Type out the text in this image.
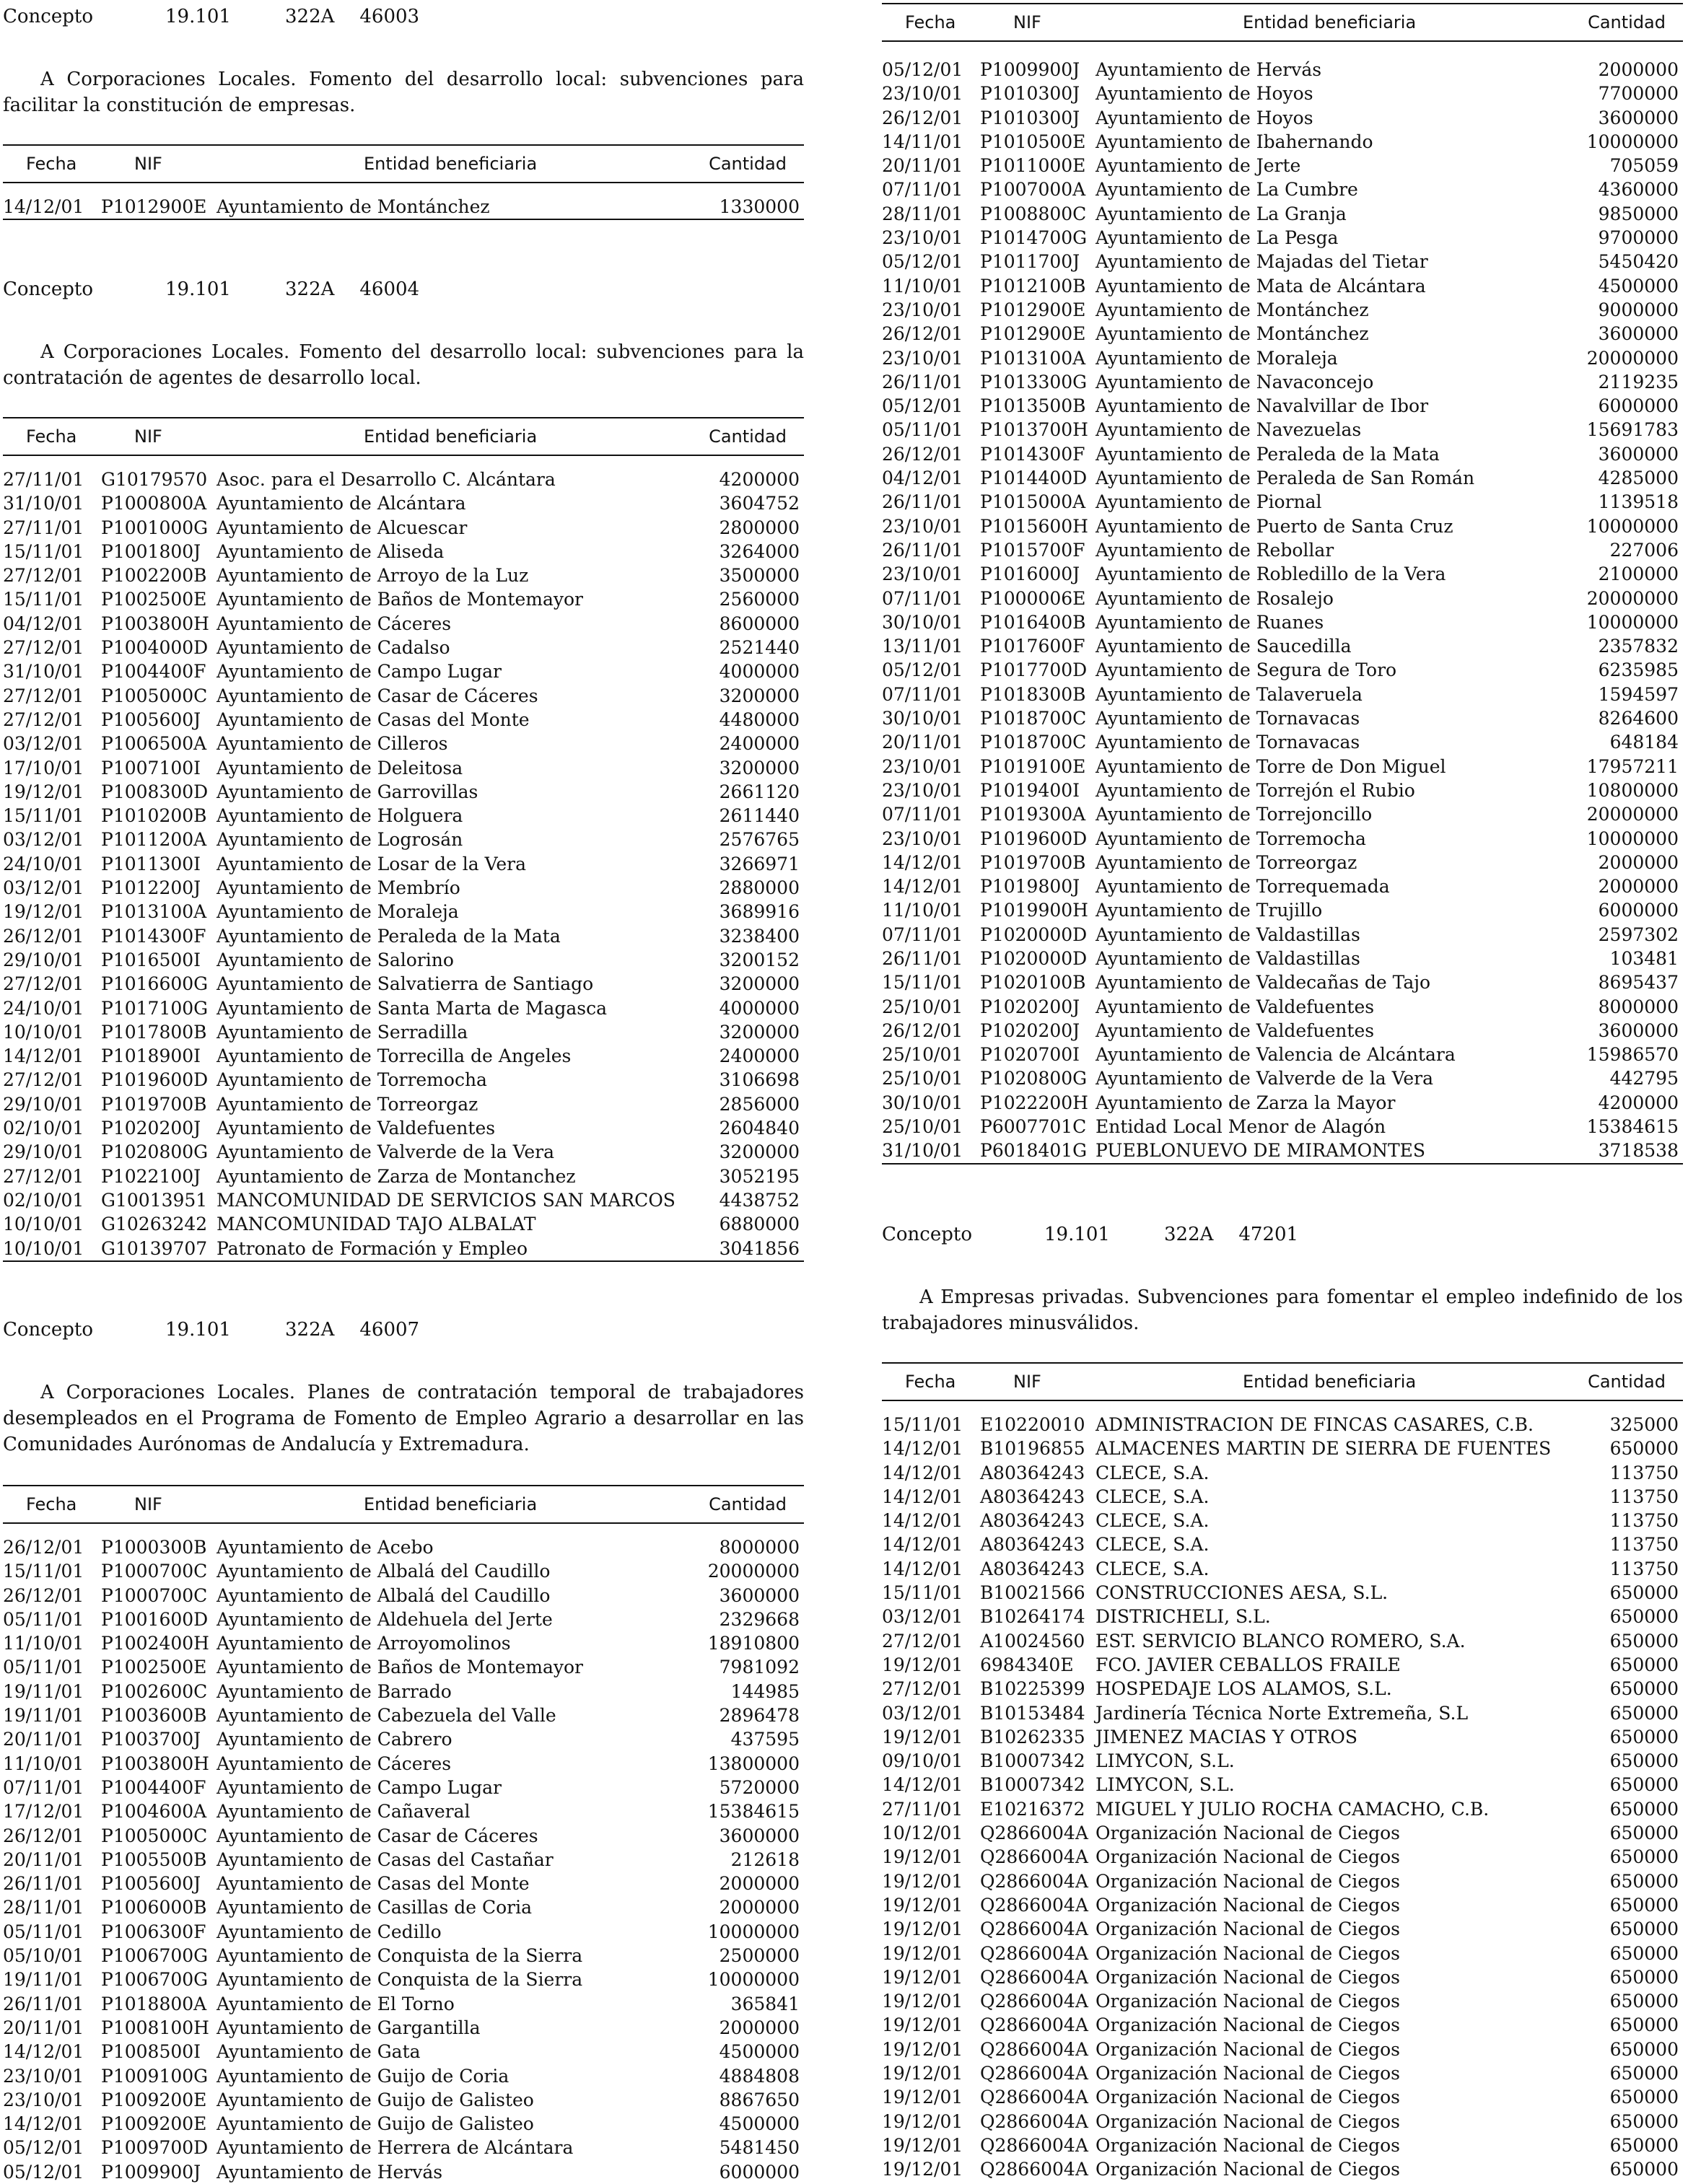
Concepto	19.101	322A 46003
A Corporaciones Locales. Fomento del desarrollo local: subvenciones para facilitar la constitución de empresas.
Fecha	NIF	Entidad beneficiaria	Cantidad
14/12/01 P1012900E Ayuntamiento de Montánchez	1330000
Concepto	19.101	322A 46004
A Corporaciones Locales. Fomento del desarrollo local: subvenciones para la contratación de agentes de desarrollo local.
Fecha	NIF	Entidad beneficiaria	Cantidad
27/11/01 G10179570 Asoc. para el Desarrollo C. Alcántara	4200000
31/10/01 P1000800A Ayuntamiento de Alcántara	3604752
27/11/01 P1001000G Ayuntamiento de Alcuescar	2800000
15/11/01 P1001800J Ayuntamiento de Aliseda	3264000
27/12/01 P1002200B Ayuntamiento de Arroyo de la Luz	3500000
15/11/01 P1002500E Ayuntamiento de Baños de Montemayor	2560000
04/12/01 P1003800H Ayuntamiento de Cáceres	8600000
27/12/01 P1004000D Ayuntamiento de Cadalso	2521440
31/10/01 P1004400F Ayuntamiento de Campo Lugar	4000000
27/12/01 P1005000C Ayuntamiento de Casar de Cáceres	3200000
27/12/01 P1005600J Ayuntamiento de Casas del Monte	4480000
03/12/01 P1006500A Ayuntamiento de Cilleros	2400000
17/10/01 P1007100I Ayuntamiento de Deleitosa	3200000
19/12/01 P1008300D Ayuntamiento de Garrovillas	2661120
15/11/01 P1010200B Ayuntamiento de Holguera	2611440
03/12/01 P1011200A Ayuntamiento de Logrosán	2576765
24/10/01 P1011300I Ayuntamiento de Losar de la Vera	3266971
03/12/01 P1012200J Ayuntamiento de Membrío	2880000
19/12/01 P1013100A Ayuntamiento de Moraleja	3689916
26/12/01 P1014300F Ayuntamiento de Peraleda de la Mata	3238400
29/10/01 P1016500I Ayuntamiento de Salorino	3200152
27/12/01 P1016600G Ayuntamiento de Salvatierra de Santiago	3200000
24/10/01 P1017100G Ayuntamiento de Santa Marta de Magasca	4000000
10/10/01 P1017800B Ayuntamiento de Serradilla	3200000
14/12/01 P1018900I Ayuntamiento de Torrecilla de Angeles	2400000
27/12/01 P1019600D Ayuntamiento de Torremocha	3106698
29/10/01 P1019700B Ayuntamiento de Torreorgaz	2856000
02/10/01 P1020200J Ayuntamiento de Valdefuentes	2604840
29/10/01 P1020800G Ayuntamiento de Valverde de la Vera	3200000
27/12/01 P1022100J Ayuntamiento de Zarza de Montanchez	3052195
02/10/01 G10013951 MANCOMUNIDAD DE SERVICIOS SAN MARCOS 4438752
10/10/01 G10263242 MANCOMUNIDAD TAJO ALBALAT	6880000
10/10/01 G10139707 Patronato de Formación y Empleo	3041856
Concepto	19.101	322A 46007
A Corporaciones Locales. Planes de contratación temporal de trabajadores desempleados en el Programa de Fomento de Empleo Agrario a desarrollar en las Comunidades Aurónomas de Andalucía y Extremadura.
Fecha	NIF	Entidad beneficiaria	Cantidad
26/12/01 P1000300B Ayuntamiento de Acebo	8000000
15/11/01 P1000700C Ayuntamiento de Albalá del Caudillo	20000000
26/12/01 P1000700C Ayuntamiento de Albalá del Caudillo	3600000
05/11/01 P1001600D Ayuntamiento de Aldehuela del Jerte	2329668
11/10/01 P1002400H Ayuntamiento de Arroyomolinos	18910800
05/11/01 P1002500E Ayuntamiento de Baños de Montemayor	7981092
19/11/01 P1002600C Ayuntamiento de Barrado	144985
19/11/01 P1003600B Ayuntamiento de Cabezuela del Valle	2896478
20/11/01 P1003700J Ayuntamiento de Cabrero	437595
11/10/01 P1003800H Ayuntamiento de Cáceres	13800000
07/11/01 P1004400F Ayuntamiento de Campo Lugar	5720000
17/12/01 P1004600A Ayuntamiento de Cañaveral	15384615
26/12/01 P1005000C Ayuntamiento de Casar de Cáceres	3600000
20/11/01 P1005500B Ayuntamiento de Casas del Castañar	212618
26/11/01 P1005600J Ayuntamiento de Casas del Monte	2000000
28/11/01 P1006000B Ayuntamiento de Casillas de Coria	2000000
05/11/01 P1006300F Ayuntamiento de Cedillo	10000000
05/10/01 P1006700G Ayuntamiento de Conquista de la Sierra	2500000
19/11/01 P1006700G Ayuntamiento de Conquista de la Sierra	10000000
26/11/01 P1018800A Ayuntamiento de El Torno	365841
20/11/01 P1008100H Ayuntamiento de Gargantilla	2000000
14/12/01 P1008500I Ayuntamiento de Gata	4500000
23/10/01 P1009100G Ayuntamiento de Guijo de Coria	4884808
23/10/01 P1009200E Ayuntamiento de Guijo de Galisteo	8867650
14/12/01 P1009200E Ayuntamiento de Guijo de Galisteo	4500000
05/12/01 P1009700D Ayuntamiento de Herrera de Alcántara	5481450
05/12/01 P1009900J Ayuntamiento de Hervás	6000000
Fecha	NIF	Entidad beneficiaria	Cantidad
05/12/01 P1009900J Ayuntamiento de Hervás	2000000
23/10/01 P1010300J Ayuntamiento de Hoyos	7700000
26/12/01 P1010300J Ayuntamiento de Hoyos	3600000
14/11/01 P1010500E Ayuntamiento de Ibahernando	10000000
20/11/01 P1011000E Ayuntamiento de Jerte	705059
07/11/01 P1007000A Ayuntamiento de La Cumbre	4360000
28/11/01 P1008800C Ayuntamiento de La Granja	9850000
23/10/01 P1014700G Ayuntamiento de La Pesga	9700000
05/12/01 P1011700J Ayuntamiento de Majadas del Tietar	5450420
11/10/01 P1012100B Ayuntamiento de Mata de Alcántara	4500000
23/10/01 P1012900E Ayuntamiento de Montánchez	9000000
26/12/01 P1012900E Ayuntamiento de Montánchez	3600000
23/10/01 P1013100A Ayuntamiento de Moraleja	20000000
26/11/01 P1013300G Ayuntamiento de Navaconcejo	2119235
05/12/01 P1013500B Ayuntamiento de Navalvillar de Ibor	6000000
05/11/01 P1013700H Ayuntamiento de Navezuelas	15691783
26/12/01 P1014300F Ayuntamiento de Peraleda de la Mata	3600000
04/12/01 P1014400D Ayuntamiento de Peraleda de San Román	4285000
26/11/01 P1015000A Ayuntamiento de Piornal	1139518
23/10/01 P1015600H Ayuntamiento de Puerto de Santa Cruz	10000000
26/11/01 P1015700F Ayuntamiento de Rebollar	227006
23/10/01 P1016000J Ayuntamiento de Robledillo de la Vera	2100000
07/11/01 P1000006E Ayuntamiento de Rosalejo	20000000
30/10/01 P1016400B Ayuntamiento de Ruanes	10000000
13/11/01 P1017600F Ayuntamiento de Saucedilla	2357832
05/12/01 P1017700D Ayuntamiento de Segura de Toro	6235985
07/11/01 P1018300B Ayuntamiento de Talaveruela	1594597
30/10/01 P1018700C Ayuntamiento de Tornavacas	8264600
20/11/01 P1018700C Ayuntamiento de Tornavacas	648184
23/10/01 P1019100E Ayuntamiento de Torre de Don Miguel	17957211
23/10/01 P1019400I Ayuntamiento de Torrejón el Rubio	10800000
07/11/01 P1019300A Ayuntamiento de Torrejoncillo	20000000
23/10/01 P1019600D Ayuntamiento de Torremocha	10000000
14/12/01 P1019700B Ayuntamiento de Torreorgaz	2000000
14/12/01 P1019800J Ayuntamiento de Torrequemada	2000000
11/10/01 P1019900H Ayuntamiento de Trujillo	6000000
07/11/01 P1020000D Ayuntamiento de Valdastillas	2597302
26/11/01 P1020000D Ayuntamiento de Valdastillas	103481
15/11/01 P1020100B Ayuntamiento de Valdecañas de Tajo	8695437
25/10/01 P1020200J Ayuntamiento de Valdefuentes	8000000
26/12/01 P1020200J Ayuntamiento de Valdefuentes	3600000
25/10/01 P1020700I Ayuntamiento de Valencia de Alcántara	15986570
25/10/01 P1020800G Ayuntamiento de Valverde de la Vera	442795
30/10/01 P1022200H Ayuntamiento de Zarza la Mayor	4200000
25/10/01 P6007701C Entidad Local Menor de Alagón	15384615
31/10/01 P6018401G PUEBLONUEVO DE MIRAMONTES	3718538
Concepto	19.101	322A 47201
A Empresas privadas. Subvenciones para fomentar el empleo indefinido de los trabajadores minusválidos.
Fecha	NIF	Entidad beneficiaria	Cantidad
15/11/01 E10220010 ADMINISTRACION DE FINCAS CASARES, C.B.	325000
14/12/01 B10196855 ALMACENES MARTIN DE SIERRA DE FUENTES	650000
14/12/01 A80364243 CLECE, S.A.	113750
14/12/01 A80364243 CLECE, S.A.	113750
14/12/01 A80364243 CLECE, S.A.	113750
14/12/01 A80364243 CLECE, S.A.	113750
14/12/01 A80364243 CLECE, S.A.	113750
15/11/01 B10021566 CONSTRUCCIONES AESA, S.L.	650000
03/12/01 B10264174 DISTRICHELI, S.L.	650000
27/12/01 A10024560 EST. SERVICIO BLANCO ROMERO, S.A.	650000
19/12/01 6984340E FCO. JAVIER CEBALLOS FRAILE	650000
27/12/01 B10225399 HOSPEDAJE LOS ALAMOS, S.L.	650000
03/12/01 B10153484 Jardinería Técnica Norte Extremeña, S.L	650000
19/12/01 B10262335 JIMENEZ MACIAS Y OTROS	650000
09/10/01 B10007342 LIMYCON, S.L.	650000
14/12/01 B10007342 LIMYCON, S.L.	650000
27/11/01 E10216372 MIGUEL Y JULIO ROCHA CAMACHO, C.B.	650000
10/12/01 Q2866004A Organización Nacional de Ciegos	650000
19/12/01 Q2866004A Organización Nacional de Ciegos	650000
19/12/01 Q2866004A Organización Nacional de Ciegos	650000
19/12/01 Q2866004A Organización Nacional de Ciegos	650000
19/12/01 Q2866004A Organización Nacional de Ciegos	650000
19/12/01 Q2866004A Organización Nacional de Ciegos	650000
19/12/01 Q2866004A Organización Nacional de Ciegos	650000
19/12/01 Q2866004A Organización Nacional de Ciegos	650000
19/12/01 Q2866004A Organización Nacional de Ciegos	650000
19/12/01 Q2866004A Organización Nacional de Ciegos	650000
19/12/01 Q2866004A Organización Nacional de Ciegos	650000
19/12/01 Q2866004A Organización Nacional de Ciegos	650000
19/12/01 Q2866004A Organización Nacional de Ciegos	650000
19/12/01 Q2866004A Organización Nacional de Ciegos	650000
19/12/01 Q2866004A Organización Nacional de Ciegos	650000
